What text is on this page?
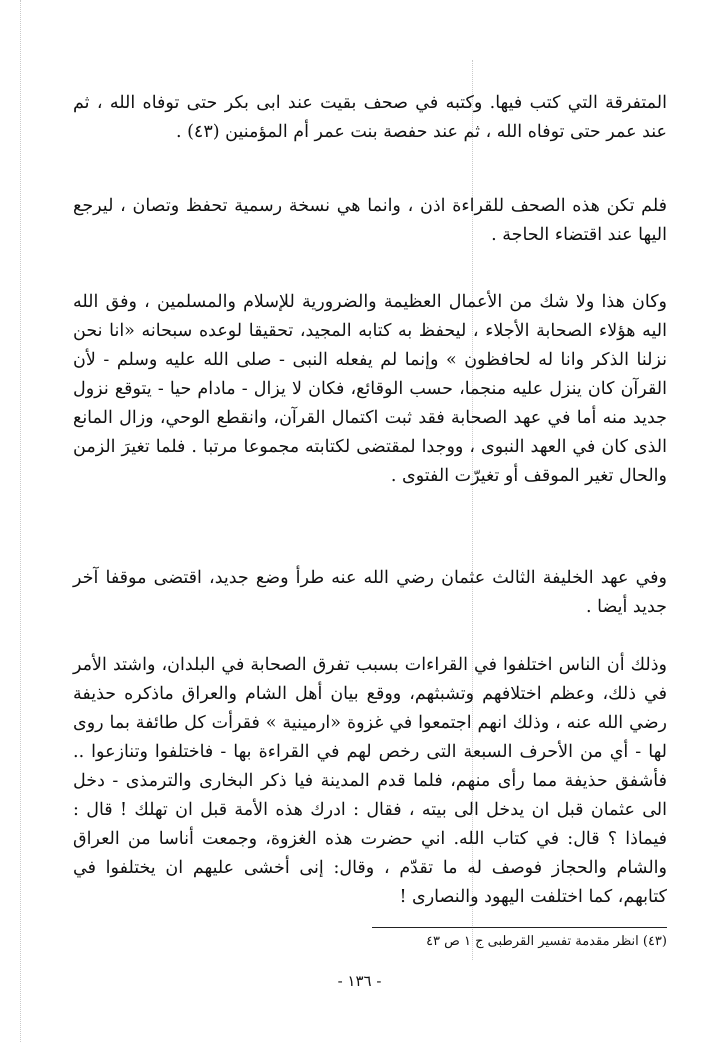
المتفرقة التي كتب فيها. وكتبه في صحف بقيت عند ابى بكر حتى توفاه الله ، ثم عند عمر حتى توفاه الله ، ثم عند حفصة بنت عمر أم المؤمنين (٤٣) .

فلم تكن هذه الصحف للقراءة اذن ، وانما هي نسخة رسمية تحفظ وتصان ، ليرجع اليها عند اقتضاء الحاجة .

وكان هذا ولا شك من الأعمال العظيمة والضرورية للإسلام والمسلمين ، وفق الله اليه هؤلاء الصحابة الأجلاء ، ليحفظ به كتابه المجيد، تحقيقا لوعده سبحانه «انا نحن نزلنا الذكر وانا له لحافظون » وإنما لم يفعله النبى - صلى الله عليه وسلم - لأن القرآن كان ينزل عليه منجما، حسب الوقائع، فكان لا يزال - مادام حيا - يتوقع نزول جديد منه أما في عهد الصحابة فقد ثبت اكتمال القرآن، وانقطع الوحي، وزال المانع الذى كان في العهد النبوى ، ووجدا لمقتضى لكتابته مجموعا مرتبا . فلما تغيرَ الزمن والحال تغير الموقف أو تغيرّت الفتوى .

وفي عهد الخليفة الثالث عثمان رضي الله عنه طرأ وضع جديد، اقتضى موقفا آخر جديد أيضا .

وذلك أن الناس اختلفوا في القراءات بسبب تفرق الصحابة في البلدان، واشتد الأمر في ذلك، وعظم اختلافهم وتشبثهم، ووقع بيان أهل الشام والعراق ماذكره حذيفة رضي الله عنه ، وذلك انهم اجتمعوا في غزوة «ارمينية » فقرأت كل طائفة بما روى لها - أي من الأحرف السبعة التى رخص لهم في القراءة بها - فاختلفوا وتنازعوا .. فأشفق حذيفة مما رأى منهم، فلما قدم المدينة فيا ذكر البخارى والترمذى - دخل الى عثمان قبل ان يدخل الى بيته ، فقال : ادرك هذه الأمة قبل ان تهلك ! قال : فيماذا ؟ قال: في كتاب الله. اني حضرت هذه الغزوة، وجمعت أناسا من العراق والشام والحجاز فوصف له ما تقدّم ، وقال: إنى أخشى عليهم ان يختلفوا في كتابهم، كما اختلفت اليهود والنصارى !

(٤٣) انظر مقدمة تفسير القرطبى ج ١ ص ٤٣
- ١٣٦ -
